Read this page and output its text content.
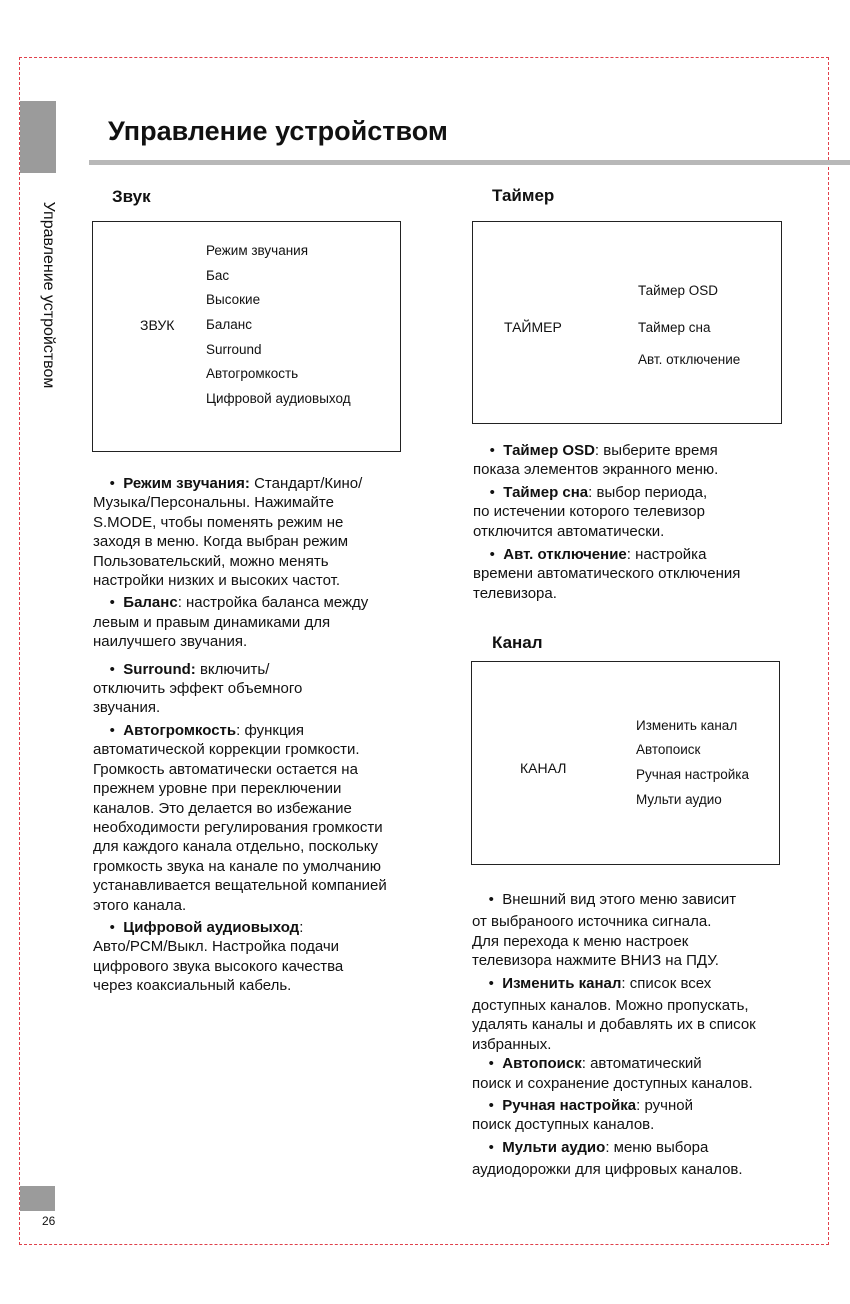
Управление устройством
Управление устройством
26
Звук
ЗВУК
Режим звучания
Бас
Высокие
Баланс
Surround
Автогромкость
Цифровой аудиовыход

• Режим звучания: Стандарт/Кино/
Музыка/Персональны. Нажимайте
S.MODE, чтобы поменять режим не
заходя в меню. Когда выбран режим
Пользовательский, можно менять
настройки низких и высоких частот.

• Баланс: настройка баланса между
левым и правым динамиками для
наилучшего звучания.

• Surround: включить/
отключить эффект объемного
звучания.

• Автогромкость: функция
автоматической коррекции громкости.
Громкость автоматически остается на
прежнем уровне при переключении
каналов. Это делается во избежание
необходимости регулирования громкости
для каждого канала отдельно, поскольку
громкость звука на канале по умолчанию
устанавливается вещательной компанией
этого канала.

• Цифровой аудиовыход:
Авто/PCM/Выкл. Настройка подачи
цифрового звука высокого качества
через коаксиальный кабель.

Таймер
ТАЙМЕР
Таймер OSD
Таймер сна
Авт. отключение

• Таймер OSD: выберите время
показа элементов экранного меню.

• Таймер сна: выбор периода,
по истечении которого телевизор
отключится автоматически.

• Авт. отключение: настройка
времени автоматического отключения
телевизора.

Канал
КАНАЛ
Изменить канал
Автопоиск
Ручная настройка
Мульти аудио

• Внешний вид этого меню зависит
от выбраноого источника сигнала.
Для перехода к меню настроек
телевизора нажмите ВНИЗ на ПДУ.

• Изменить канал: список всех
доступных каналов. Можно пропускать,
удалять каналы и добавлять их в список
избранных.

• Автопоиск: автоматический
поиск и сохранение доступных каналов.

• Ручная настройка: ручной
поиск доступных каналов.

• Мульти аудио: меню выбора
аудиодорожки для цифровых каналов.
